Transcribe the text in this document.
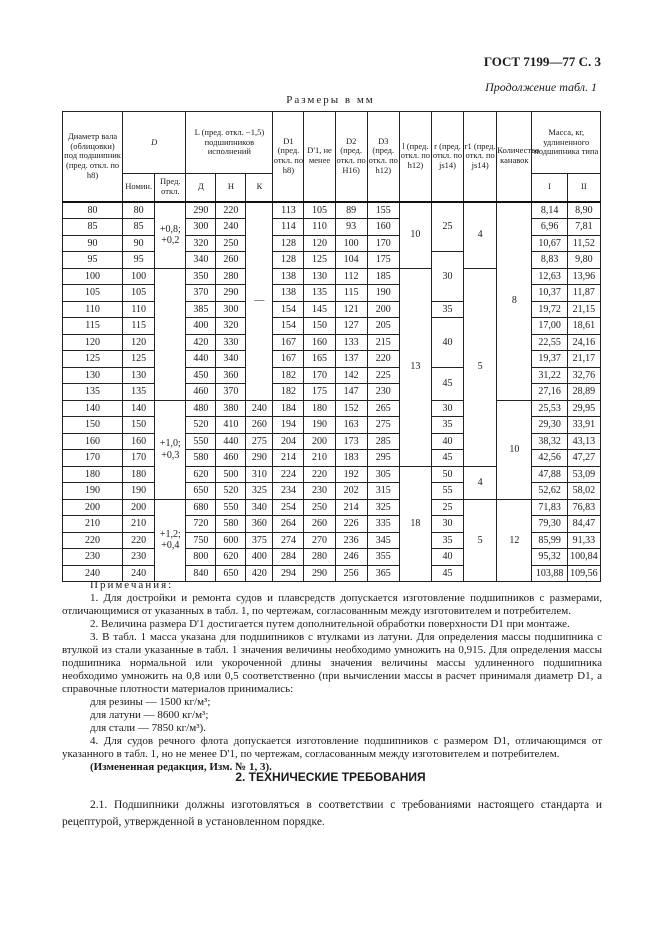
ГОСТ 7199—77 С. 3
Продолжение табл. 1
Размеры в мм
Диаметр вала (облицовки) под подшипник (пред. откл. по h8)	D		L (пред. откл. −1,5) подшипников исполнений			D1 (пред. откл. по h8)	D'1, не менее	D2 (пред. откл. по H16)	D3 (пред. откл. по h12)	l (пред. откл. по h12)	r (пред. откл. по js14)	r1 (пред. откл. по js14)	Количество канавок	Масса, кг, удлиненного подшипника типа	
	Номин.	Пред. откл.	Д	Н	К									I	II
80	80	+0,8; +0,2	290	220	—	113	105	89	155	10	25	4	8	8,14	8,90
85	85		300	240		114	110	93	160					6,96	7,81
90	90		320	250		128	120	100	170					10,67	11,52
95	95		340	260		128	125	104	175		30			8,83	9,80
100	100		350	280		138	130	112	185	13		5		12,63	13,96
105	105		370	290		138	135	115	190					10,37	11,87
110	110		385	300		154	145	121	200		35			19,72	21,15
115	115		400	320		154	150	127	205		40			17,00	18,61
120	120		420	330		167	160	133	215					22,55	24,16
125	125		440	340		167	165	137	220					19,37	21,17
130	130		450	360		182	170	142	225		45			31,22	32,76
135	135		460	370		182	175	147	230					27,16	28,89
140	140	+1,0; +0,3	480	380	240	184	180	152	265		30		10	25,53	29,95
150	150		520	410	260	194	190	163	275		35			29,30	33,91
160	160		550	440	275	204	200	173	285		40			38,32	43,13
170	170		580	460	290	214	210	183	295		45			42,56	47,27
180	180		620	500	310	224	220	192	305	18	50	4		47,88	53,09
190	190		650	520	325	234	230	202	315		55			52,62	58,02
200	200	+1,2; +0,4	680	550	340	254	250	214	325		25	5	12	71,83	76,83
210	210		720	580	360	264	260	226	335		30			79,30	84,47
220	220		750	600	375	274	270	236	345		35			85,99	91,33
230	230		800	620	400	284	280	246	355		40			95,32	100,84
240	240		840	650	420	294	290	256	365		45			103,88	109,56

Примечания:

1. Для достройки и ремонта судов и плавсредств допускается изготовление подшипников с размерами, отличающимися от указанных в табл. 1, по чертежам, согласованным между изготовителем и потребителем.

2. Величина размера D'1 достигается путем дополнительной обработки поверхности D1 при монтаже.

3. В табл. 1 масса указана для подшипников с втулками из латуни. Для определения массы подшипника с втулкой из стали указанные в табл. 1 значения величины необходимо умножить на 0,915. Для определения массы подшипника нормальной или укороченной длины значения величины массы удлиненного подшипника необходимо умножить на 0,8 или 0,5 соответственно (при вычислении массы в расчет принималя диаметр D1, а справочные плотности материалов принимались:

для резины — 1500 кг/м³;

для латуни — 8600 кг/м³;

для стали — 7850 кг/м³).

4. Для судов речного флота допускается изготовление подшипников с размером D1, отличающимся от указанного в табл. 1, но не менее D'1, по чертежам, согласованным между изготовителем и потребителем.

(Измененная редакция, Изм. № 1, 3).

2. ТЕХНИЧЕСКИЕ ТРЕБОВАНИЯ

2.1. Подшипники должны изготовляться в соответствии с требованиями настоящего стандарта и рецептурой, утвержденной в установленном порядке.
